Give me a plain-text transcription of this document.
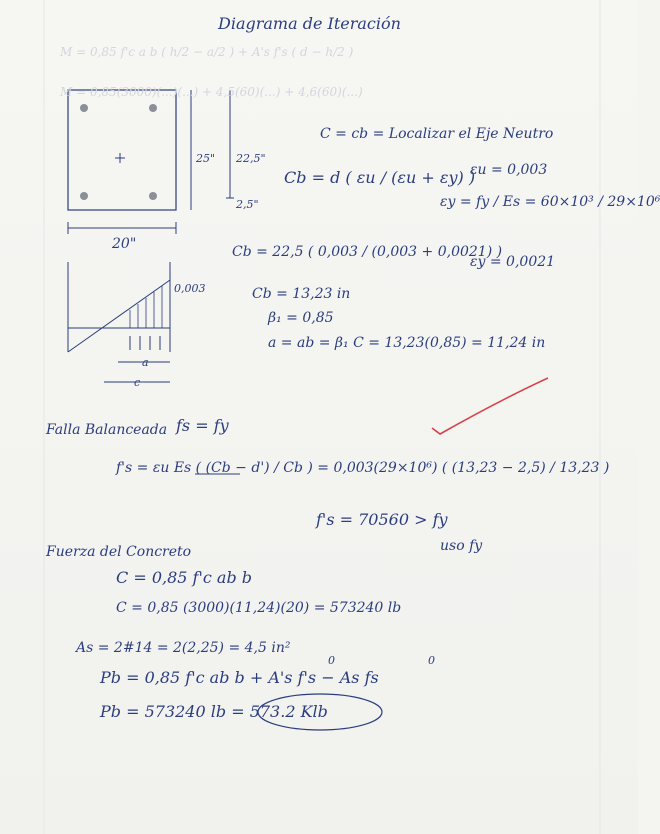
M = 0,85 f'c a b ( h/2 − a/2 ) + A's f's ( d − h/2 )
M = 0,85(3000)(...)(...) + 4,5(60)(...) + 4,6(60)(...)
Diagrama de Iteración
25" 22,5"
2,5"
20"
0,003
a
c
C = cb = Localizar el Eje Neutro
Cb = d ( εu / (εu + εy) )
εu = 0,003
εy = fy / Es = 60×10³ / 29×10⁶
Cb = 22,5 ( 0,003 / (0,003 + 0,0021) )
εy = 0,0021
Cb = 13,23 in
β₁ = 0,85
a = ab = β₁ C = 13,23(0,85) = 11,24 in
Falla Balanceada fs = fy
f's = εu Es ( (Cb − d') / Cb ) = 0,003(29×10⁶) ( (13,23 − 2,5) / 13,23 )
f's = 70560 > fy
uso fy
Fuerza del Concreto
C = 0,85 f'c ab b
C = 0,85 (3000)(11,24)(20) = 573240 lb
As = 2#14 = 2(2,25) = 4,5 in²
0	0
Pb = 0,85 f'c ab b + A's f's − As fs
Pb = 573240 lb = 573.2 Klb
